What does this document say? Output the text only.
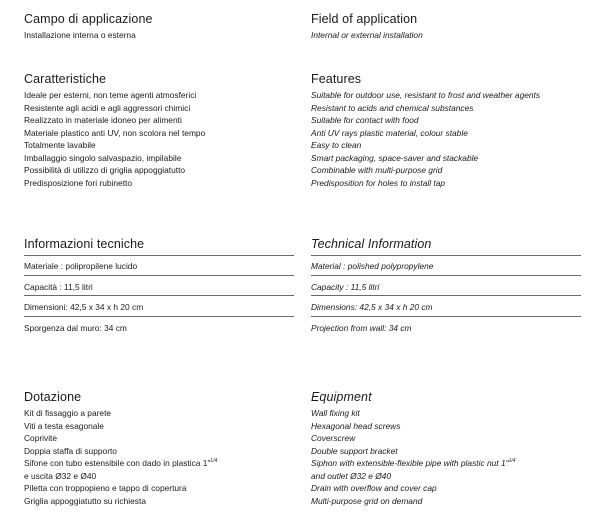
Campo di applicazione
Installazione interna o esterna
Caratteristiche
Ideale per esterni, non teme agenti atmosferici
Resistente agli acidi e agli aggressori chimici
Realizzato in materiale idoneo per alimenti
Materiale plastico anti UV, non scolora nel tempo
Totalmente lavabile
Imballaggio singolo salvaspazio, impilabile
Possibilità di utilizzo di griglia appoggiatutto
Predisposizione fori rubinetto
Informazioni tecniche
Materiale : polipropilene lucido
Capacità : 11,5 litri
Dimensioni: 42,5 x 34 x h 20 cm
Sporgenza dal muro: 34 cm
Dotazione
Kit di fissaggio a parete
Viti a testa esagonale
Coprivite
Doppia staffa di supporto
Sifone con tubo estensibile con dado in plastica 1"$^{1/4}$
e uscita Ø32 e Ø40
Piletta con troppopieno e tappo di copertura
Griglia appoggiatutto su richiesta
Field of application
Internal or external installation
Features
Suitable for outdoor use, resistant to frost and weather agents
Resistant to acids and chemical substances
Suitable for contact with food
Anti UV rays plastic material, colour stable
Easy to clean
Smart packaging, space-saver and stackable
Combinable with multi-purpose grid
Predisposition for holes to install tap
Technical Information
Material : polished polypropylene
Capacity : 11,5 litri
Dimensions: 42,5 x 34 x h 20 cm
Projection from wall: 34 cm
Equipment
Wall fixing kit
Hexagonal head screws
Coverscrew
Double support bracket
Siphon with extensible-flexible pipe with plastic nut 1"$^{1/4}$
and outlet Ø32 e Ø40
Drain with overflow and cover cap
Multi-purpose grid on demand
